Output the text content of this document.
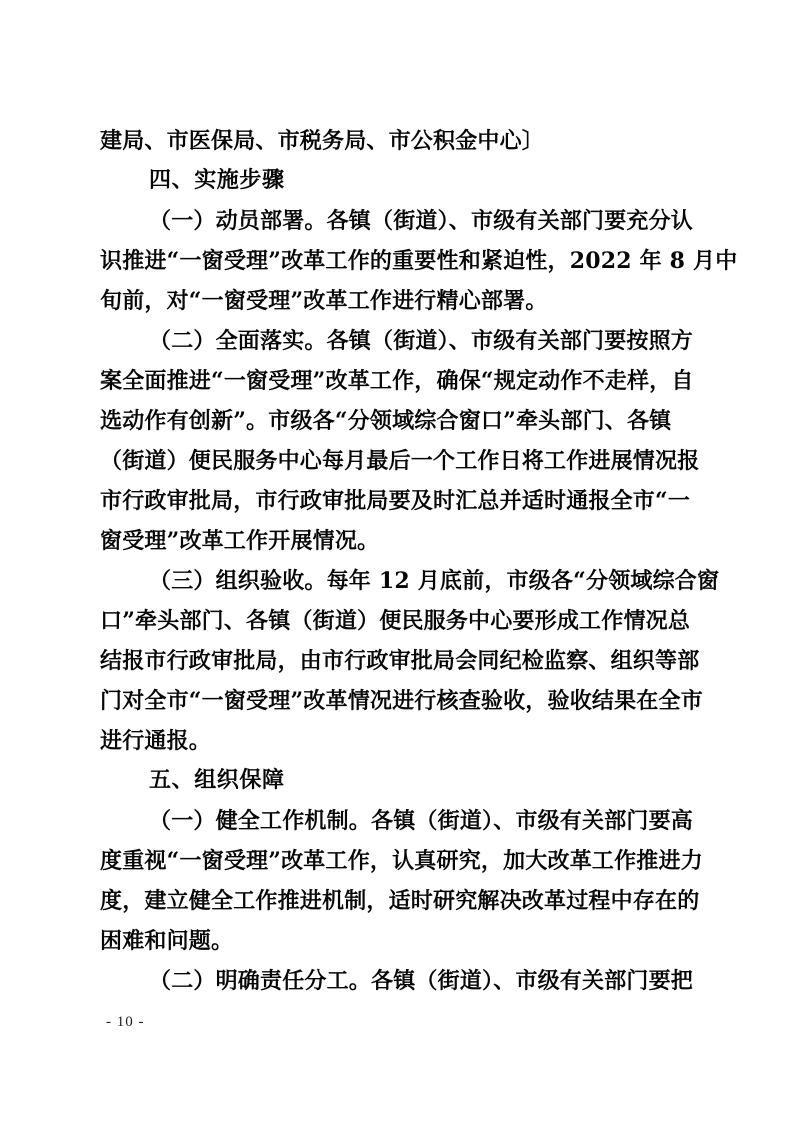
建局、市医保局、市税务局、市公积金中心〕
四、实施步骤
（一）动员部署。各镇（街道）、市级有关部门要充分认
识推进“一窗受理”改革工作的重要性和紧迫性，2022 年 8 月中
旬前，对“一窗受理”改革工作进行精心部署。
（二）全面落实。各镇（街道）、市级有关部门要按照方
案全面推进“一窗受理”改革工作，确保“规定动作不走样，自
选动作有创新”。市级各“分领域综合窗口”牵头部门、各镇
（街道）便民服务中心每月最后一个工作日将工作进展情况报
市行政审批局，市行政审批局要及时汇总并适时通报全市“一
窗受理”改革工作开展情况。
（三）组织验收。每年 12 月底前，市级各“分领域综合窗
口”牵头部门、各镇（街道）便民服务中心要形成工作情况总
结报市行政审批局，由市行政审批局会同纪检监察、组织等部
门对全市“一窗受理”改革情况进行核查验收，验收结果在全市
进行通报。
五、组织保障
（一）健全工作机制。各镇（街道）、市级有关部门要高
度重视“一窗受理”改革工作，认真研究，加大改革工作推进力
度，建立健全工作推进机制，适时研究解决改革过程中存在的
困难和问题。
（二）明确责任分工。各镇（街道）、市级有关部门要把
- 10 -
